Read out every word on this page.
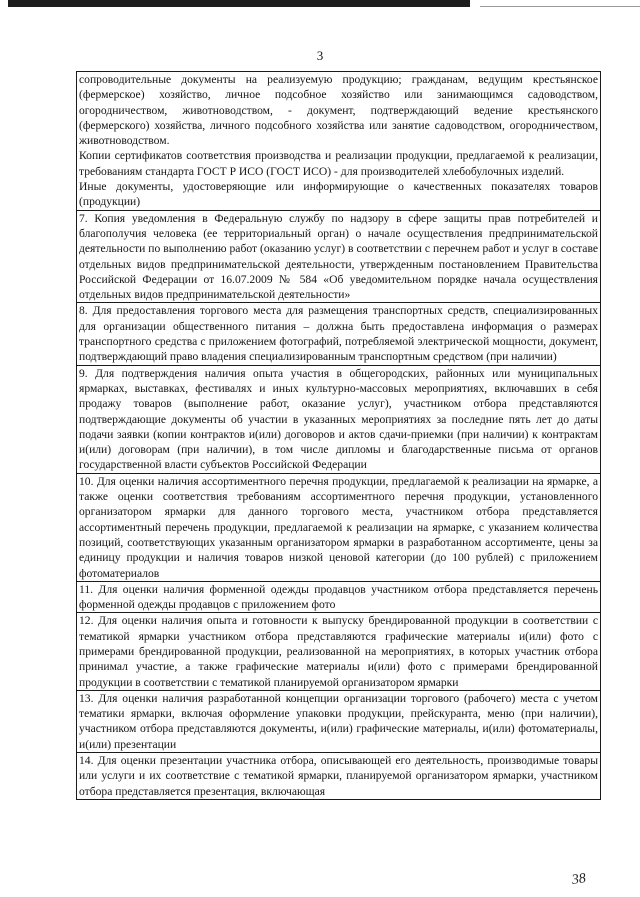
3
сопроводительные документы на реализуемую продукцию; гражданам, ведущим крестьянское (фермерское) хозяйство, личное подсобное хозяйство или занимающимся садоводством, огородничеством, животноводством, - документ, подтверждающий ведение крестьянского (фермерского) хозяйства, личного подсобного хозяйства или занятие садоводством, огородничеством, животноводством.
Копии сертификатов соответствия производства и реализации продукции, предлагаемой к реализации, требованиям стандарта ГОСТ Р ИСО (ГОСТ ИСО) - для производителей хлебобулочных изделий.
Иные документы, удостоверяющие или информирующие о качественных показателях товаров (продукции)

7. Копия уведомления в Федеральную службу по надзору в сфере защиты прав потребителей и благополучия человека (ее территориальный орган) о начале осуществления предпринимательской деятельности по выполнению работ (оказанию услуг) в соответствии с перечнем работ и услуг в составе отдельных видов предпринимательской деятельности, утвержденным постановлением Правительства Российской Федерации от 16.07.2009 № 584 «Об уведомительном порядке начала осуществления отдельных видов предпринимательской деятельности»

8. Для предоставления торгового места для размещения транспортных средств, специализированных для организации общественного питания – должна быть предоставлена информация о размерах транспортного средства с приложением фотографий, потребляемой электрической мощности, документ, подтверждающий право владения специализированным транспортным средством (при наличии)

9. Для подтверждения наличия опыта участия в общегородских, районных или муниципальных ярмарках, выставках, фестивалях и иных культурно-массовых мероприятиях, включавших в себя продажу товаров (выполнение работ, оказание услуг), участником отбора представляются подтверждающие документы об участии в указанных мероприятиях за последние пять лет до даты подачи заявки (копии контрактов и(или) договоров и актов сдачи-приемки (при наличии) к контрактам и(или) договорам (при наличии), в том числе дипломы и благодарственные письма от органов государственной власти субъектов Российской Федерации

10. Для оценки наличия ассортиментного перечня продукции, предлагаемой к реализации на ярмарке, а также оценки соответствия требованиям ассортиментного перечня продукции, установленного организатором ярмарки для данного торгового места, участником отбора представляется ассортиментный перечень продукции, предлагаемой к реализации на ярмарке, с указанием количества позиций, соответствующих указанным организатором ярмарки в разработанном ассортименте, цены за единицу продукции и наличия товаров низкой ценовой категории (до 100 рублей) с приложением фотоматериалов

11. Для оценки наличия форменной одежды продавцов участником отбора представляется перечень форменной одежды продавцов с приложением фото

12. Для оценки наличия опыта и готовности к выпуску брендированной продукции в соответствии с тематикой ярмарки участником отбора представляются графические материалы и(или) фото с примерами брендированной продукции, реализованной на мероприятиях, в которых участник отбора принимал участие, а также графические материалы и(или) фото с примерами брендированной продукции в соответствии с тематикой планируемой организатором ярмарки

13. Для оценки наличия разработанной концепции организации торгового (рабочего) места с учетом тематики ярмарки, включая оформление упаковки продукции, прейскуранта, меню (при наличии), участником отбора представляются документы, и(или) графические материалы, и(или) фотоматериалы, и(или) презентации

14. Для оценки презентации участника отбора, описывающей его деятельность, производимые товары или услуги и их соответствие с тематикой ярмарки, планируемой организатором ярмарки, участником отбора представляется презентация, включающая
38
